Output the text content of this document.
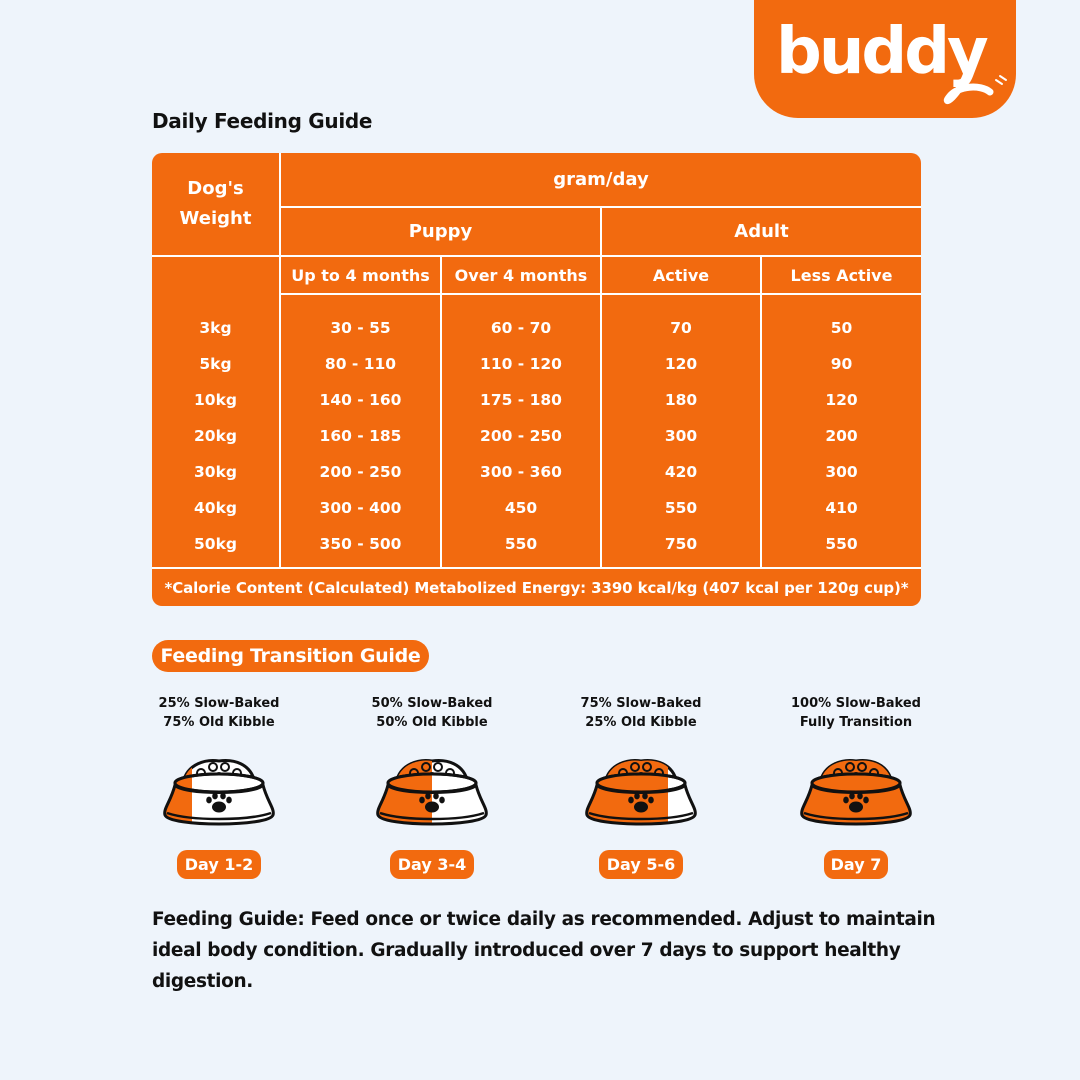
buddy
Daily Feeding Guide
Dog's
Weight
gram/day
Puppy	Adult
Up to 4 months	Over 4 months	Active	Less Active
3kg	30 - 55	60 - 70	70	50
5kg	80 - 110	110 - 120	120	90
10kg	140 - 160	175 - 180	180	120
20kg	160 - 185	200 - 250	300	200
30kg	200 - 250	300 - 360	420	300
40kg	300 - 400	450	550	410
50kg	350 - 500	550	750	550
*Calorie Content (Calculated) Metabolized Energy: 3390 kcal/kg (407 kcal per 120g cup)*
Feeding Transition Guide
25% Slow-Baked
75% Old Kibble
Day 1-2
50% Slow-Baked
50% Old Kibble
Day 3-4
75% Slow-Baked
25% Old Kibble
Day 5-6
100% Slow-Baked
Fully Transition
Day 7
Feeding Guide: Feed once or twice daily as recommended. Adjust to maintain ideal body condition. Gradually introduced over 7 days to support healthy digestion.
